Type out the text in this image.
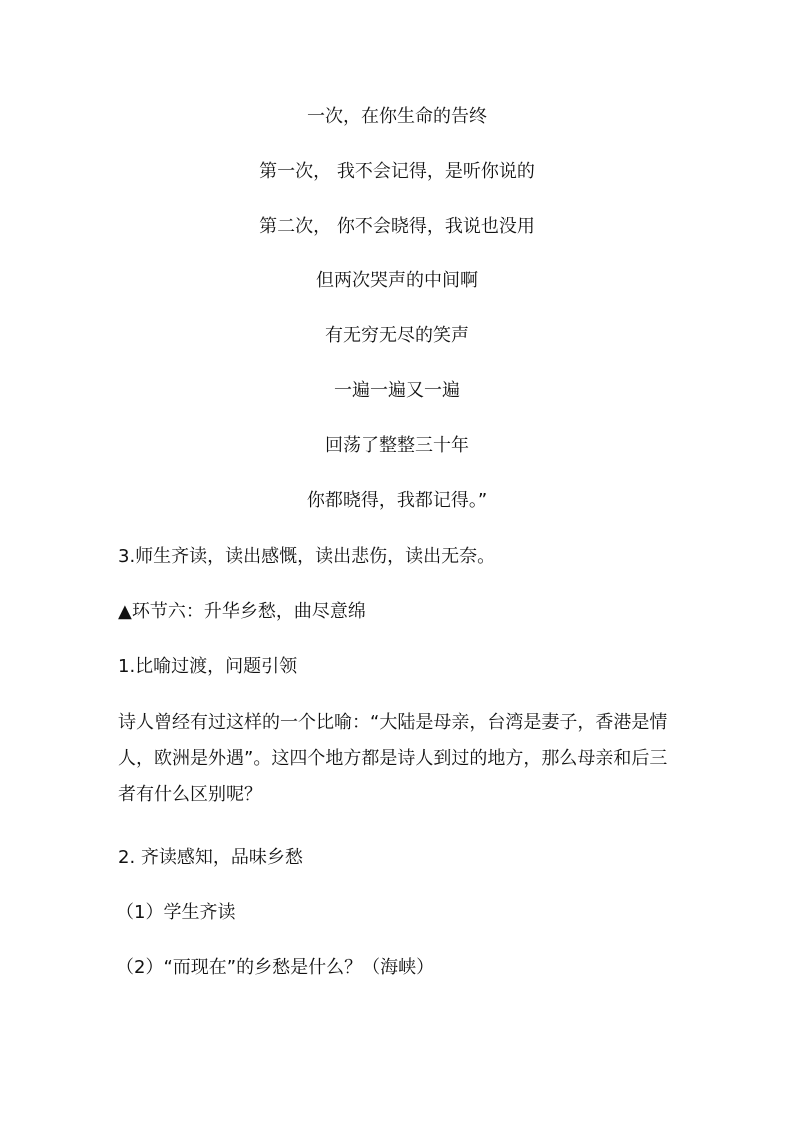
一次，在你生命的告终
第一次， 我不会记得，是听你说的
第二次， 你不会晓得，我说也没用
但两次哭声的中间啊
有无穷无尽的笑声
一遍一遍又一遍
回荡了整整三十年
你都晓得，我都记得。”
3.师生齐读，读出感慨，读出悲伤，读出无奈。
▲环节六：升华乡愁，曲尽意绵
1.比喻过渡，问题引领
诗人曾经有过这样的一个比喻：“大陆是母亲，台湾是妻子，香港是情人，欧洲是外遇”。这四个地方都是诗人到过的地方，那么母亲和后三者有什么区别呢？
2. 齐读感知，品味乡愁
（1）学生齐读
（2）“而现在”的乡愁是什么？（海峡）
